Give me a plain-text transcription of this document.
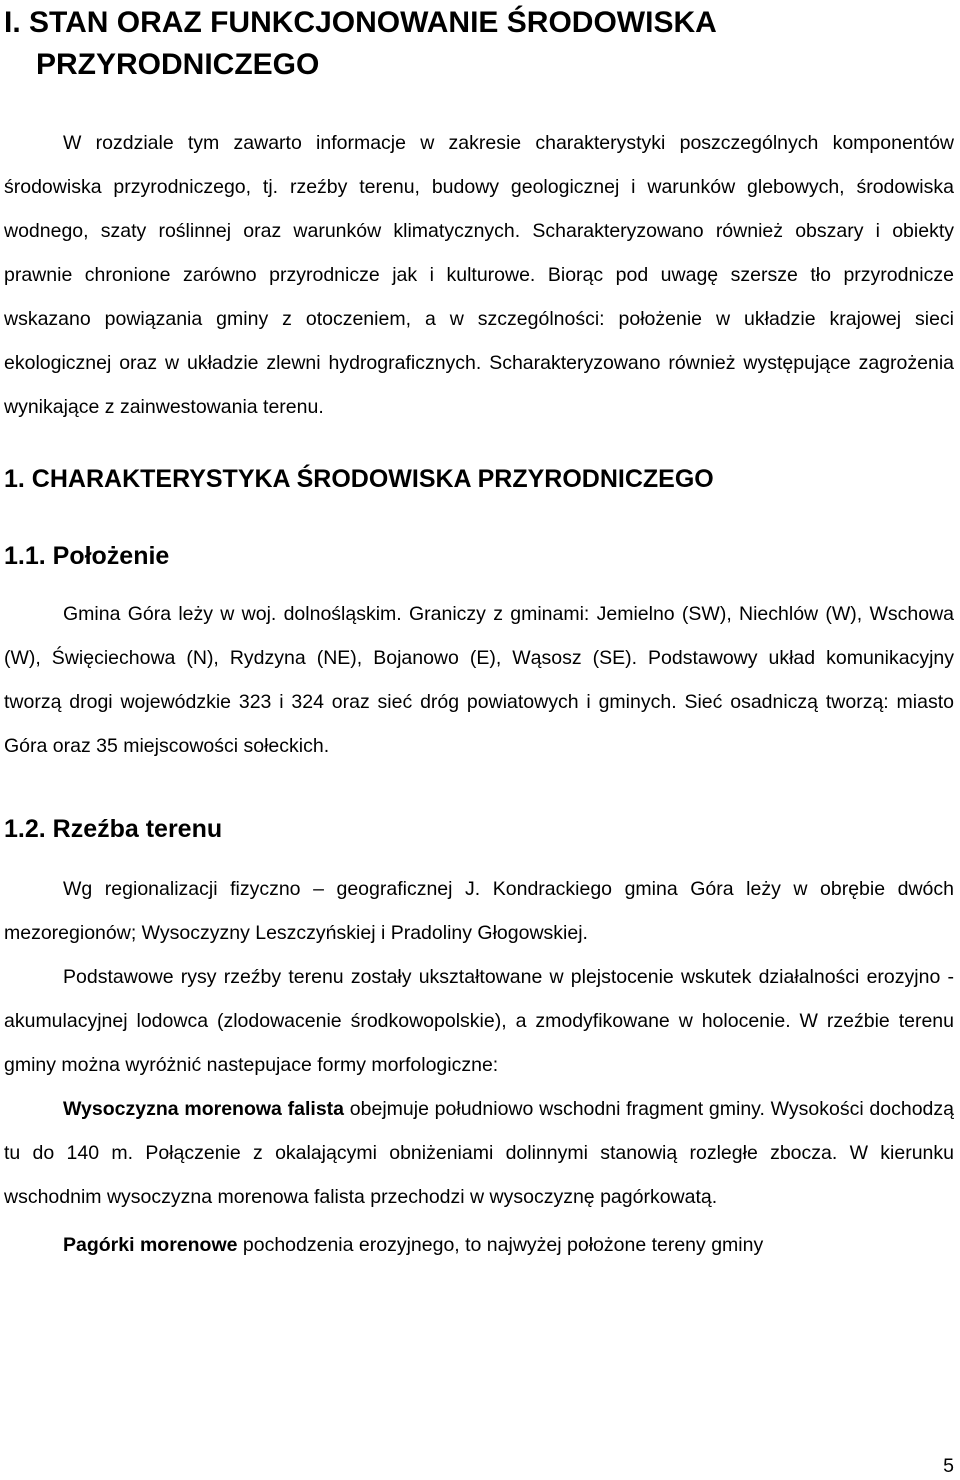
I. STAN ORAZ FUNKCJONOWANIE ŚRODOWISKA
PRZYRODNICZEGO

W rozdziale tym zawarto informacje w zakresie charakterystyki poszczególnych komponentów środowiska przyrodniczego, tj. rzeźby terenu, budowy geologicznej i warunków glebowych, środowiska wodnego, szaty roślinnej oraz warunków klimatycznych. Scharakteryzowano również obszary i obiekty prawnie chronione zarówno przyrodnicze jak i kulturowe. Biorąc pod uwagę szersze tło przyrodnicze wskazano powiązania gminy z otoczeniem, a w szczególności: położenie w układzie krajowej sieci ekologicznej oraz w układzie zlewni hydrograficznych. Scharakteryzowano również występujące zagrożenia wynikające z zainwestowania terenu.

1. CHARAKTERYSTYKA ŚRODOWISKA PRZYRODNICZEGO
1.1. Położenie

Gmina Góra leży w woj. dolnośląskim. Graniczy z gminami: Jemielno (SW), Niechlów (W), Wschowa (W), Święciechowa (N), Rydzyna (NE), Bojanowo (E), Wąsosz (SE). Podstawowy układ komunikacyjny tworzą drogi wojewódzkie 323 i 324 oraz sieć dróg powiatowych i gminych. Sieć osadniczą tworzą: miasto Góra oraz 35 miejscowości sołeckich.

1.2. Rzeźba terenu

Wg regionalizacji fizyczno – geograficznej J. Kondrackiego gmina Góra leży w obrębie dwóch mezoregionów; Wysoczyzny Leszczyńskiej i Pradoliny Głogowskiej.

Podstawowe rysy rzeźby terenu zostały ukształtowane w plejstocenie wskutek działalności erozyjno - akumulacyjnej lodowca (zlodowacenie środkowopolskie), a zmodyfikowane w holocenie. W rzeźbie terenu gminy można wyróżnić nastepujace formy morfologiczne:

Wysoczyzna morenowa falista obejmuje południowo wschodni fragment gminy. Wysokości dochodzą tu do 140 m. Połączenie z okalającymi obniżeniami dolinnymi stanowią rozległe zbocza. W kierunku wschodnim wysoczyzna morenowa falista przechodzi w wysoczyznę pagórkowatą.

Pagórki morenowe pochodzenia erozyjnego, to najwyżej położone tereny gminy

5
